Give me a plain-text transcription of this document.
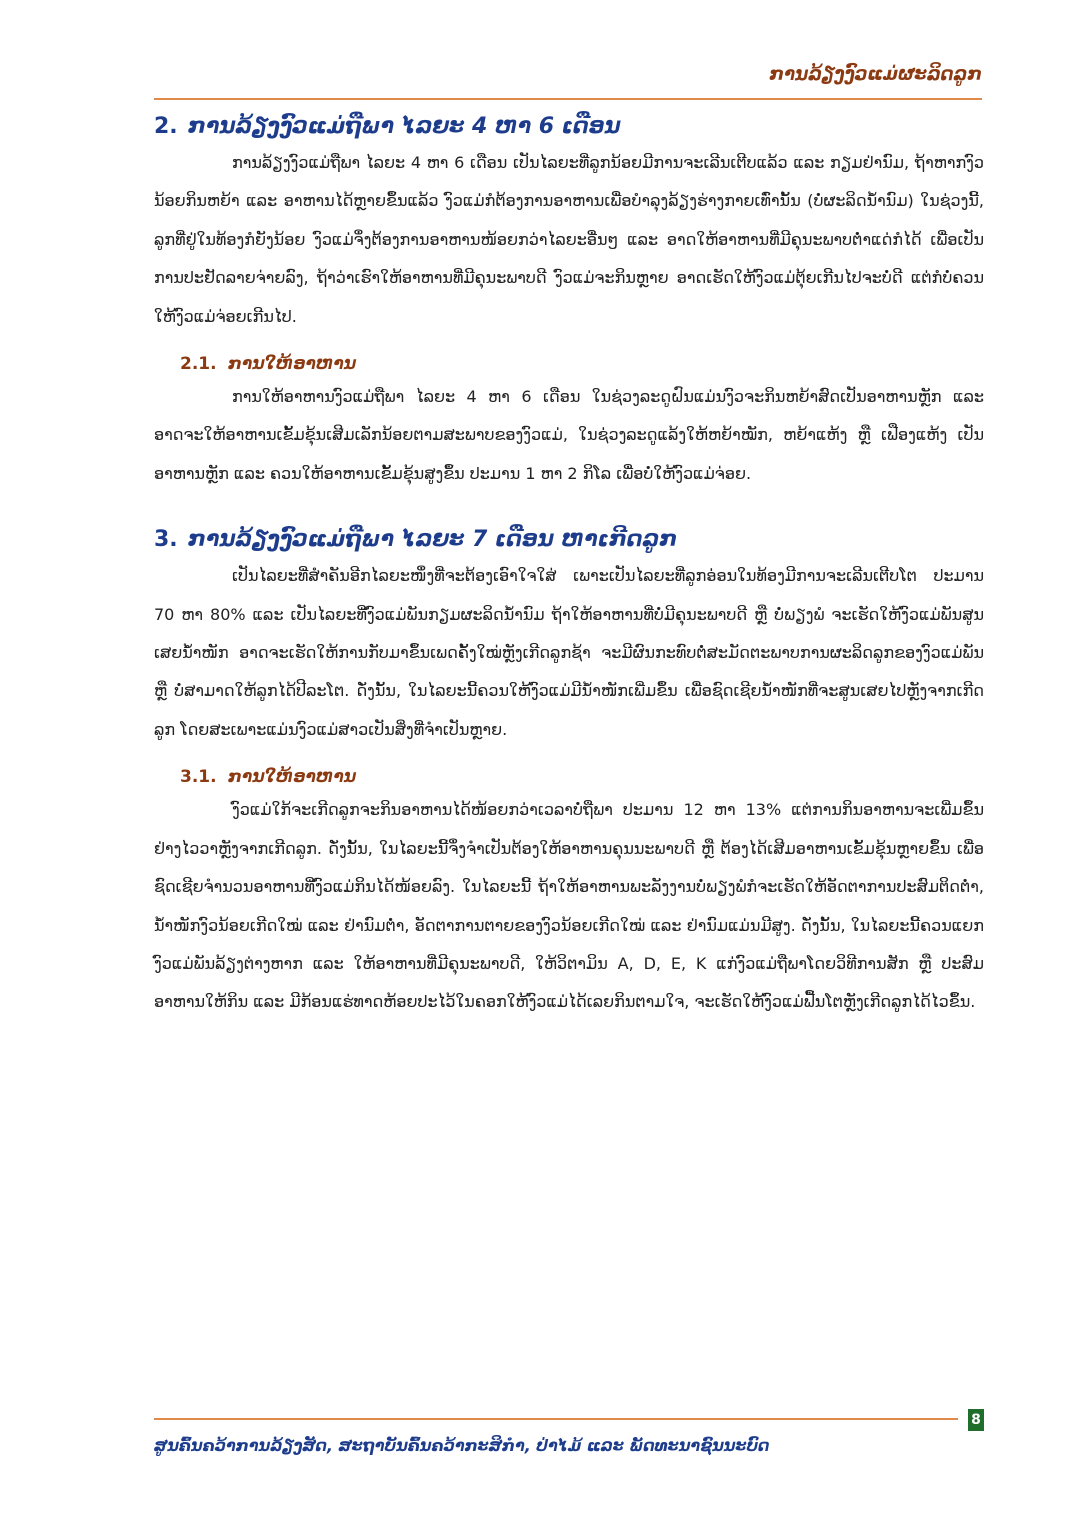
ການລ້ຽງງົວແມ່ຜະລິດລູກ
2. ການລ້ຽງງົວແມ່ຖືພາ ໄລຍະ 4 ຫາ 6 ເດືອນ

ການລ້ຽງງົວແມ່ຖືພາ ໄລຍະ 4 ຫາ 6 ເດືອນ ເປັນໄລຍະທີ່ລູກນ້ອຍມີການຈະເລີນເຕີບແລ້ວ ແລະ ກຽມຢ່ານົມ, ຖ້າຫາກງົວນ້ອຍກິນຫຍ້າ ແລະ ອາຫານໄດ້ຫຼາຍຂຶ້ນແລ້ວ ງົວແມ່ກໍຕ້ອງການອາຫານເພື່ອບຳລຸງລ້ຽງຮ່າງກາຍເທົ່ານັ້ນ (ບໍ່ຜະລິດນ້ຳນົມ) ໃນຊ່ວງນີ້, ລູກທີ່ຢູ່ໃນທ້ອງກໍຍັງນ້ອຍ ງົວແມ່ຈຶ່ງຕ້ອງການອາຫານໜ້ອຍກວ່າໄລຍະອື່ນໆ ແລະ ອາດໃຫ້ອາຫານທີ່ມີຄຸນະພາບຕ່ຳແດ່ກໍໄດ້ ເພື່ອເປັນການປະຢັດລາຍຈ່າຍລົງ, ຖ້າວ່າເຮົາໃຫ້ອາຫານທີ່ມີຄຸນະພາບດີ ງົວແມ່ຈະກິນຫຼາຍ ອາດເຮັດໃຫ້ງົວແມ່ຕຸ້ຍເກີນໄປຈະບໍ່ດີ ແຕ່ກໍບໍ່ຄວນໃຫ້ງົວແມ່ຈ່ອຍເກີນໄປ.

2.1. ການໃຫ້ອາຫານ

ການໃຫ້ອາຫານງົວແມ່ຖືພາ ໄລຍະ 4 ຫາ 6 ເດືອນ ໃນຊ່ວງລະດູຝົນແມ່ນງົວຈະກິນຫຍ້າສົດເປັນອາຫານຫຼັກ ແລະ ອາດຈະໃຫ້ອາຫານເຂັ້ມຂຸ້ນເສີມເລັກນ້ອຍຕາມສະພາບຂອງງົວແມ່, ໃນຊ່ວງລະດູແລ້ງໃຫ້ຫຍ້າໝັກ, ຫຍ້າແຫ້ງ ຫຼື ເຟືອງແຫ້ງ ເປັນອາຫານຫຼັກ ແລະ ຄວນໃຫ້ອາຫານເຂັ້ມຂຸ້ນສູງຂຶ້ນ ປະມານ 1 ຫາ 2 ກິໂລ ເພື່ອບໍ່ໃຫ້ງົວແມ່ຈ່ອຍ.

3. ການລ້ຽງງົວແມ່ຖືພາ ໄລຍະ 7 ເດືອນ ຫາເກີດລູກ

ເປັນໄລຍະທີ່ສຳຄັນອີກໄລຍະໜຶ່ງທີ່ຈະຕ້ອງເອົາໃຈໃສ່ ເພາະເປັນໄລຍະທີ່ລູກອ່ອນໃນທ້ອງມີການຈະເລີນເຕີບໂຕ ປະມານ 70 ຫາ 80% ແລະ ເປັນໄລຍະທີ່ງົວແມ່ພັນກຽມຜະລິດນ້ຳນົມ ຖ້າໃຫ້ອາຫານທີ່ບໍ່ມີຄຸນະພາບດີ ຫຼື ບໍ່ພຽງພໍ ຈະເຮັດໃຫ້ງົວແມ່ພັນສູນເສຍນ້ຳໜັກ ອາດຈະເຮັດໃຫ້ການກັບມາຂຶ້ນເພດຄັ້ງໃໝ່ຫຼັງເກີດລູກຊ້າ ຈະມີຜົນກະທົບຕໍ່ສະມັດຕະພາບການຜະລິດລູກຂອງງົວແມ່ພັນ ຫຼື ບໍ່ສາມາດໃຫ້ລູກໄດ້ປີລະໂຕ. ດັ່ງນັ້ນ, ໃນໄລຍະນີ້ຄວນໃຫ້ງົວແມ່ມີນ້ຳໜັກເພີ່ມຂຶ້ນ ເພື່ອຊົດເຊີຍນ້ຳໜັກທີ່ຈະສູນເສຍໄປຫຼັງຈາກເກີດລູກ ໂດຍສະເພາະແມ່ນງົວແມ່ສາວເປັນສິ່ງທີ່ຈຳເປັນຫຼາຍ.

3.1. ການໃຫ້ອາຫານ

ງົວແມ່ໃກ້ຈະເກີດລູກຈະກິນອາຫານໄດ້ໜ້ອຍກວ່າເວລາບໍ່ຖືພາ ປະມານ 12 ຫາ 13% ແຕ່ການກິນອາຫານຈະເພີ່ມຂຶ້ນຢ່າງໄວວາຫຼັງຈາກເກີດລູກ. ດັ່ງນັ້ນ, ໃນໄລຍະນີ້ຈຶ່ງຈຳເປັນຕ້ອງໃຫ້ອາຫານຄຸນນະພາບດີ ຫຼື ຕ້ອງໄດ້ເສີມອາຫານເຂັ້ມຂຸ້ນຫຼາຍຂຶ້ນ ເພື່ອຊົດເຊີຍຈຳນວນອາຫານທີ່ງົວແມ່ກິນໄດ້ໜ້ອຍລົງ. ໃນໄລຍະນີ້ ຖ້າໃຫ້ອາຫານພະລັງງານບໍ່ພຽງພໍກໍຈະເຮັດໃຫ້ອັດຕາການປະສົມຕິດຕ່ຳ, ນ້ຳໜັກງົວນ້ອຍເກີດໃໝ່ ແລະ ຢ່ານົມຕ່ຳ, ອັດຕາການຕາຍຂອງງົວນ້ອຍເກີດໃໝ່ ແລະ ຢ່ານົມແມ່ນມີສູງ. ດັ່ງນັ້ນ, ໃນໄລຍະນີ້ຄວນແຍກງົວແມ່ພັນລ້ຽງຕ່າງຫາກ ແລະ ໃຫ້ອາຫານທີ່ມີຄຸນະພາບດີ, ໃຫ້ວິຕາມິນ A, D, E, K ແກ່ງົວແມ່ຖືພາໂດຍວິທີການສັກ ຫຼື ປະສົມອາຫານໃຫ້ກິນ ແລະ ມີກ້ອນແຮ່ທາດຫ້ອຍປະໄວ້ໃນຄອກໃຫ້ງົວແມ່ໄດ້ເລຍກິນຕາມໃຈ, ຈະເຮັດໃຫ້ງົວແມ່ຟື້ນໂຕຫຼັງເກີດລູກໄດ້ໄວຂຶ້ນ.

8
ສູນຄົ້ນຄວ້າການລ້ຽງສັດ, ສະຖາບັນຄົ້ນຄວ້າກະສິກຳ, ປ່າໄມ້ ແລະ ພັດທະນາຊົນນະບົດ
